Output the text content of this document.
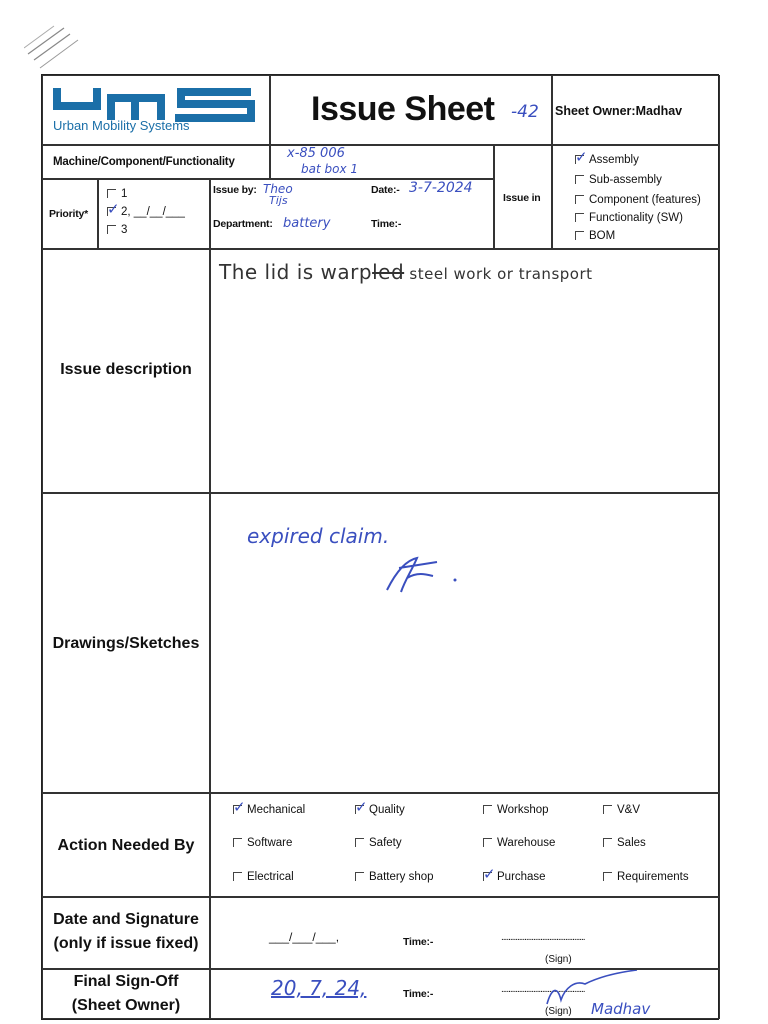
Urban Mobility Systems	Issue Sheet -42 Sheet Owner:Madhav
Machine/Component/Functionality
x-85 006
bat box 1
Priority*
1
✓ 2, __/__/___
3
Issue by: Theo
Tijs
Date:- 3-7-2024
Department: battery	Time:-
Issue in
✓ Assembly
Sub-assembly
Component (features)
Functionality (SW)
BOM
Issue description
The lid is warpled steel work or transport
Drawings/Sketches
expired claim.
Action Needed By
✓ Mechanical	✓ Quality	Workshop	V&V
Software	Safety	Warehouse	Sales
Electrical	Battery shop	✓ Purchase	Requirements
Date and Signature
(only if issue fixed)	___/___/___,	Time:-	...............................................
(Sign)
Final Sign-Off
(Sheet Owner)
20, 7, 24,	Time:-	...............................................
(Sign) Madhav
